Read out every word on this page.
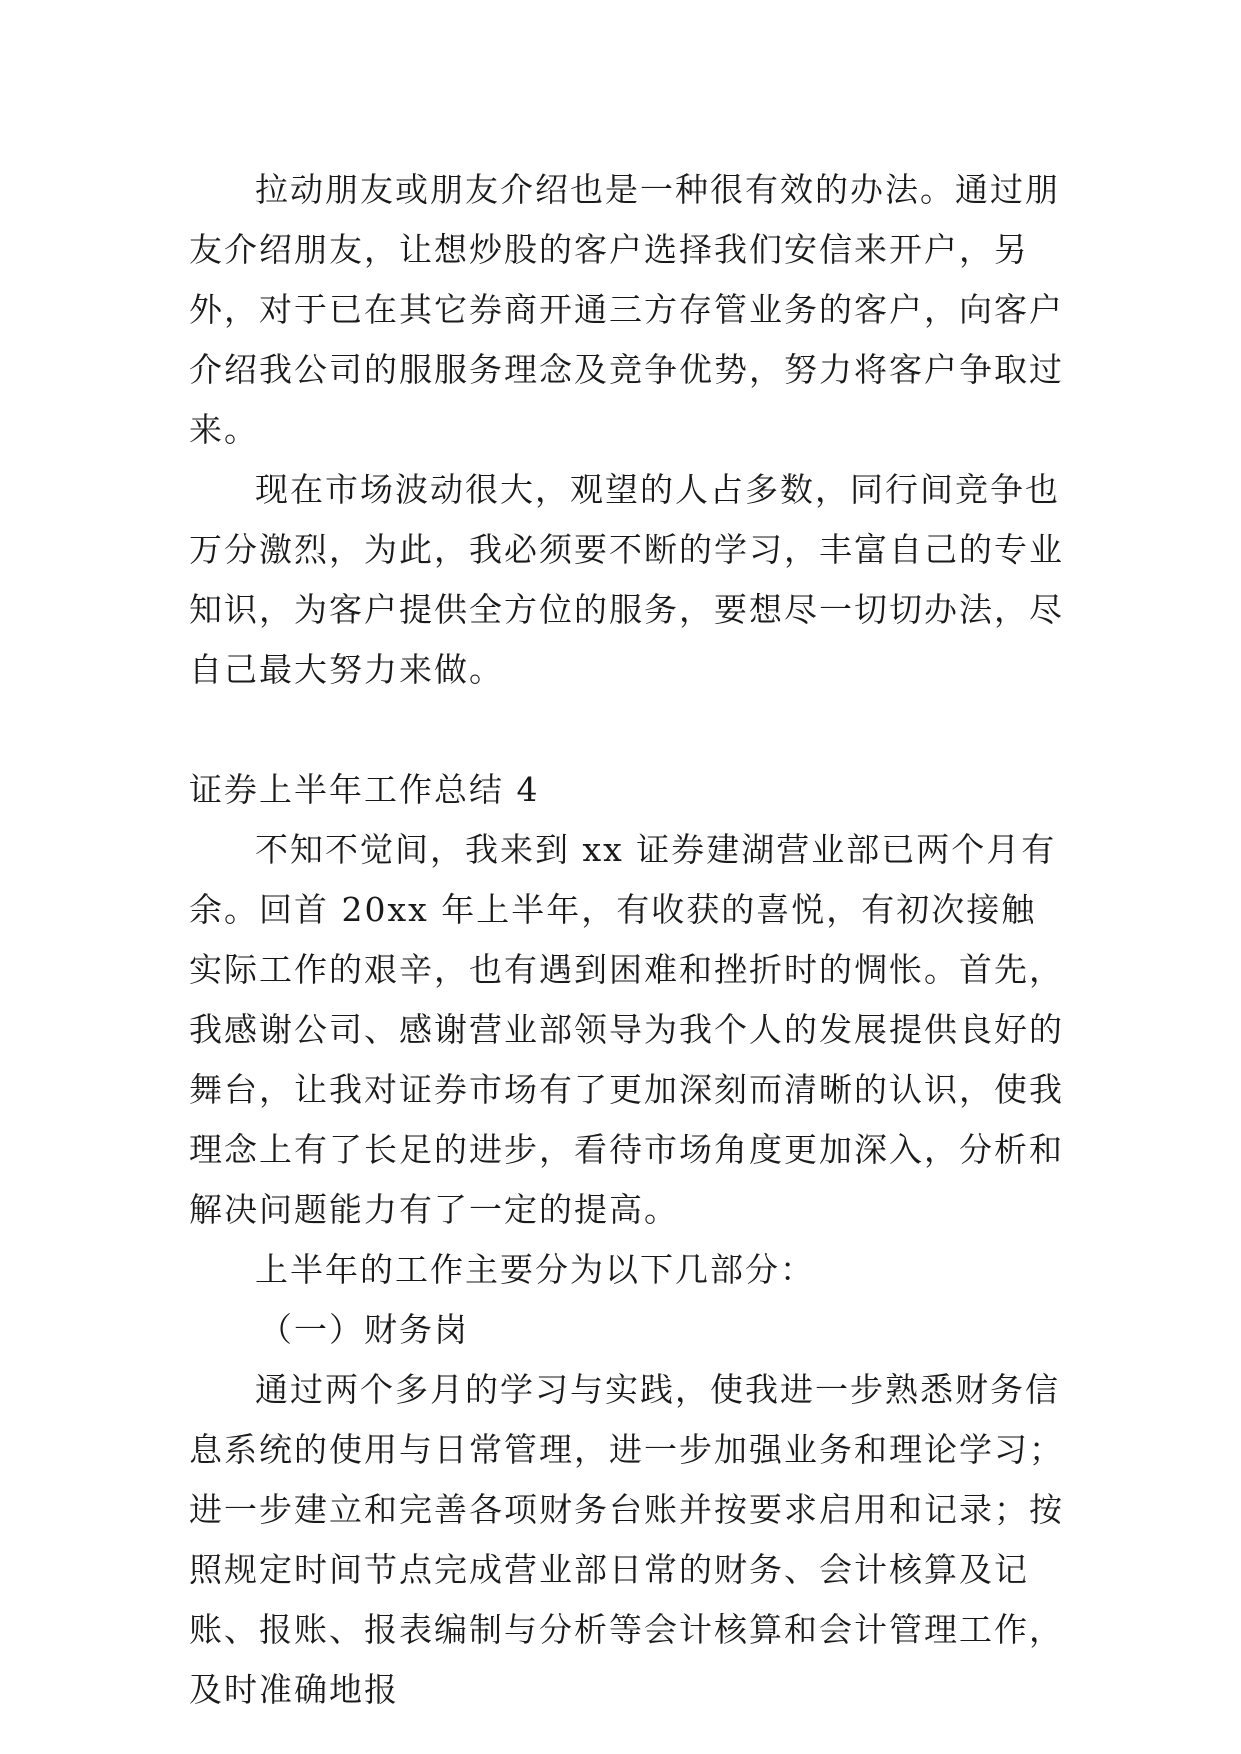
拉动朋友或朋友介绍也是一种很有效的办法。通过朋友介绍朋友，让想炒股的客户选择我们安信来开户，另外，对于已在其它券商开通三方存管业务的客户，向客户介绍我公司的服服务理念及竞争优势，努力将客户争取过来。

现在市场波动很大，观望的人占多数，同行间竞争也万分激烈，为此，我必须要不断的学习，丰富自己的专业知识，为客户提供全方位的服务，要想尽一切切办法，尽自己最大努力来做。

证券上半年工作总结 4

不知不觉间，我来到 xx 证券建湖营业部已两个月有余。回首 20xx 年上半年，有收获的喜悦，有初次接触实际工作的艰辛，也有遇到困难和挫折时的惆怅。首先，我感谢公司、感谢营业部领导为我个人的发展提供良好的舞台，让我对证券市场有了更加深刻而清晰的认识，使我理念上有了长足的进步，看待市场角度更加深入，分析和解决问题能力有了一定的提高。

上半年的工作主要分为以下几部分：

（一）财务岗

通过两个多月的学习与实践，使我进一步熟悉财务信息系统的使用与日常管理，进一步加强业务和理论学习；进一步建立和完善各项财务台账并按要求启用和记录；按照规定时间节点完成营业部日常的财务、会计核算及记账、报账、报表编制与分析等会计核算和会计管理工作，及时准确地报
